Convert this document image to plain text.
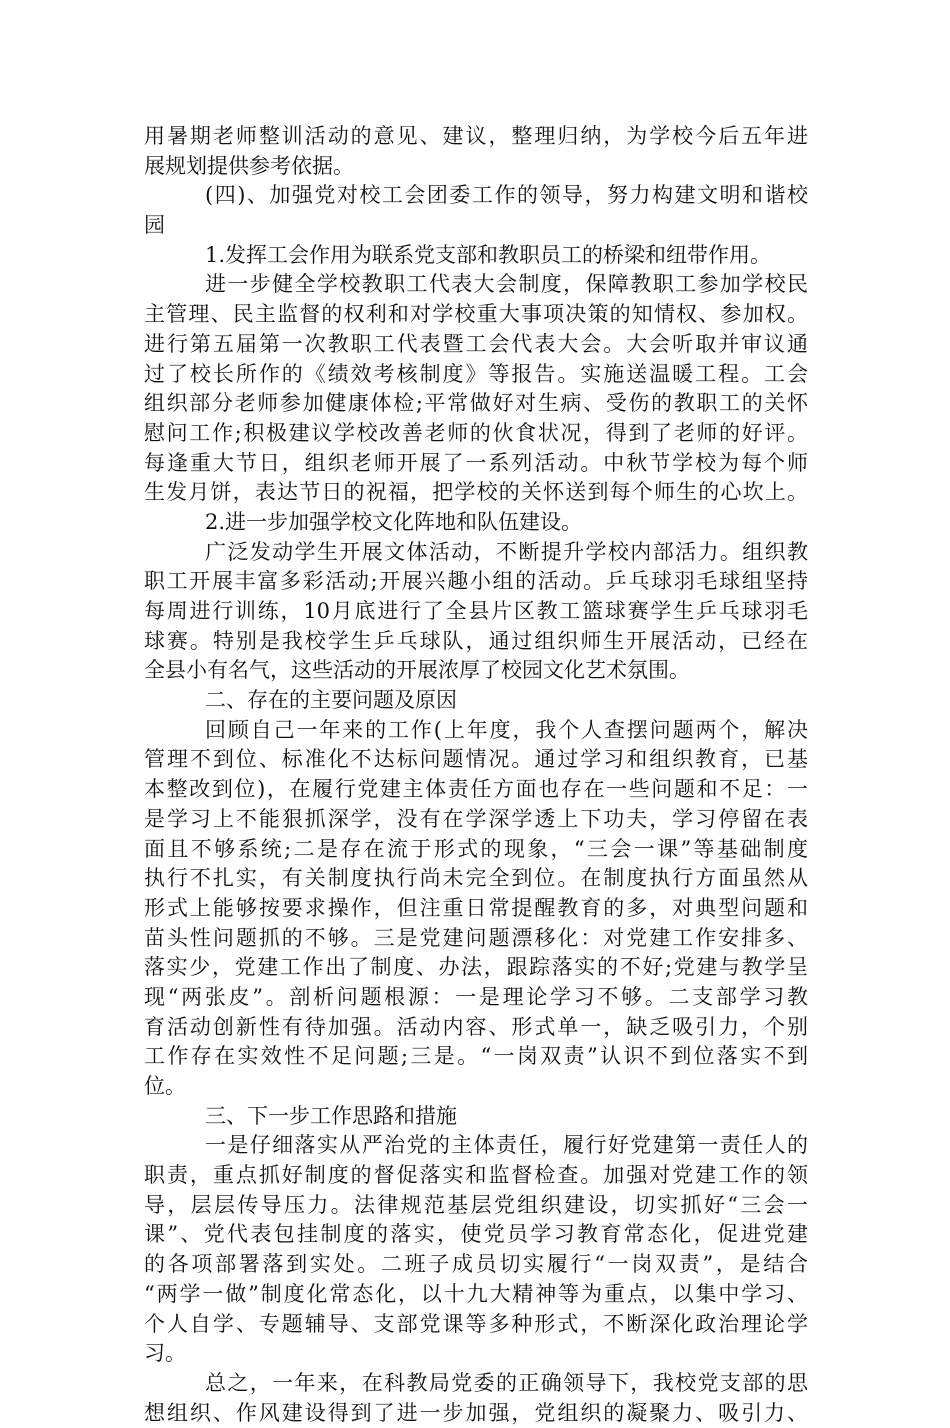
用暑期老师整训活动的意见、建议，整理归纳，为学校今后五年进
展规划提供参考依据。
(四)、加强党对校工会团委工作的领导，努力构建文明和谐校
园
1.发挥工会作用为联系党支部和教职员工的桥梁和纽带作用。
进一步健全学校教职工代表大会制度，保障教职工参加学校民
主管理、民主监督的权利和对学校重大事项决策的知情权、参加权。
进行第五届第一次教职工代表暨工会代表大会。大会听取并审议通
过了校长所作的《绩效考核制度》等报告。实施送温暖工程。工会
组织部分老师参加健康体检;平常做好对生病、受伤的教职工的关怀
慰问工作;积极建议学校改善老师的伙食状况，得到了老师的好评。
每逢重大节日，组织老师开展了一系列活动。中秋节学校为每个师
生发月饼，表达节日的祝福，把学校的关怀送到每个师生的心坎上。
2.进一步加强学校文化阵地和队伍建设。
广泛发动学生开展文体活动，不断提升学校内部活力。组织教
职工开展丰富多彩活动;开展兴趣小组的活动。乒乓球羽毛球组坚持
每周进行训练，10月底进行了全县片区教工篮球赛学生乒乓球羽毛
球赛。特别是我校学生乒乓球队，通过组织师生开展活动，已经在
全县小有名气，这些活动的开展浓厚了校园文化艺术氛围。
二、存在的主要问题及原因
回顾自己一年来的工作(上年度，我个人查摆问题两个，解决
管理不到位、标准化不达标问题情况。通过学习和组织教育，已基
本整改到位)，在履行党建主体责任方面也存在一些问题和不足：一
是学习上不能狠抓深学，没有在学深学透上下功夫，学习停留在表
面且不够系统;二是存在流于形式的现象，“三会一课”等基础制度
执行不扎实，有关制度执行尚未完全到位。在制度执行方面虽然从
形式上能够按要求操作，但注重日常提醒教育的多，对典型问题和
苗头性问题抓的不够。三是党建问题漂移化：对党建工作安排多、
落实少，党建工作出了制度、办法，跟踪落实的不好;党建与教学呈
现“两张皮”。剖析问题根源：一是理论学习不够。二支部学习教
育活动创新性有待加强。活动内容、形式单一，缺乏吸引力，个别
工作存在实效性不足问题;三是。“一岗双责”认识不到位落实不到
位。
三、下一步工作思路和措施
一是仔细落实从严治党的主体责任，履行好党建第一责任人的
职责，重点抓好制度的督促落实和监督检查。加强对党建工作的领
导，层层传导压力。法律规范基层党组织建设，切实抓好“三会一
课”、党代表包挂制度的落实，使党员学习教育常态化，促进党建
的各项部署落到实处。二班子成员切实履行“一岗双责”，是结合
“两学一做”制度化常态化，以十九大精神等为重点，以集中学习、
个人自学、专题辅导、支部党课等多种形式，不断深化政治理论学
习。
总之，一年来，在科教局党委的正确领导下，我校党支部的思
想组织、作风建设得到了进一步加强，党组织的凝聚力、吸引力、
